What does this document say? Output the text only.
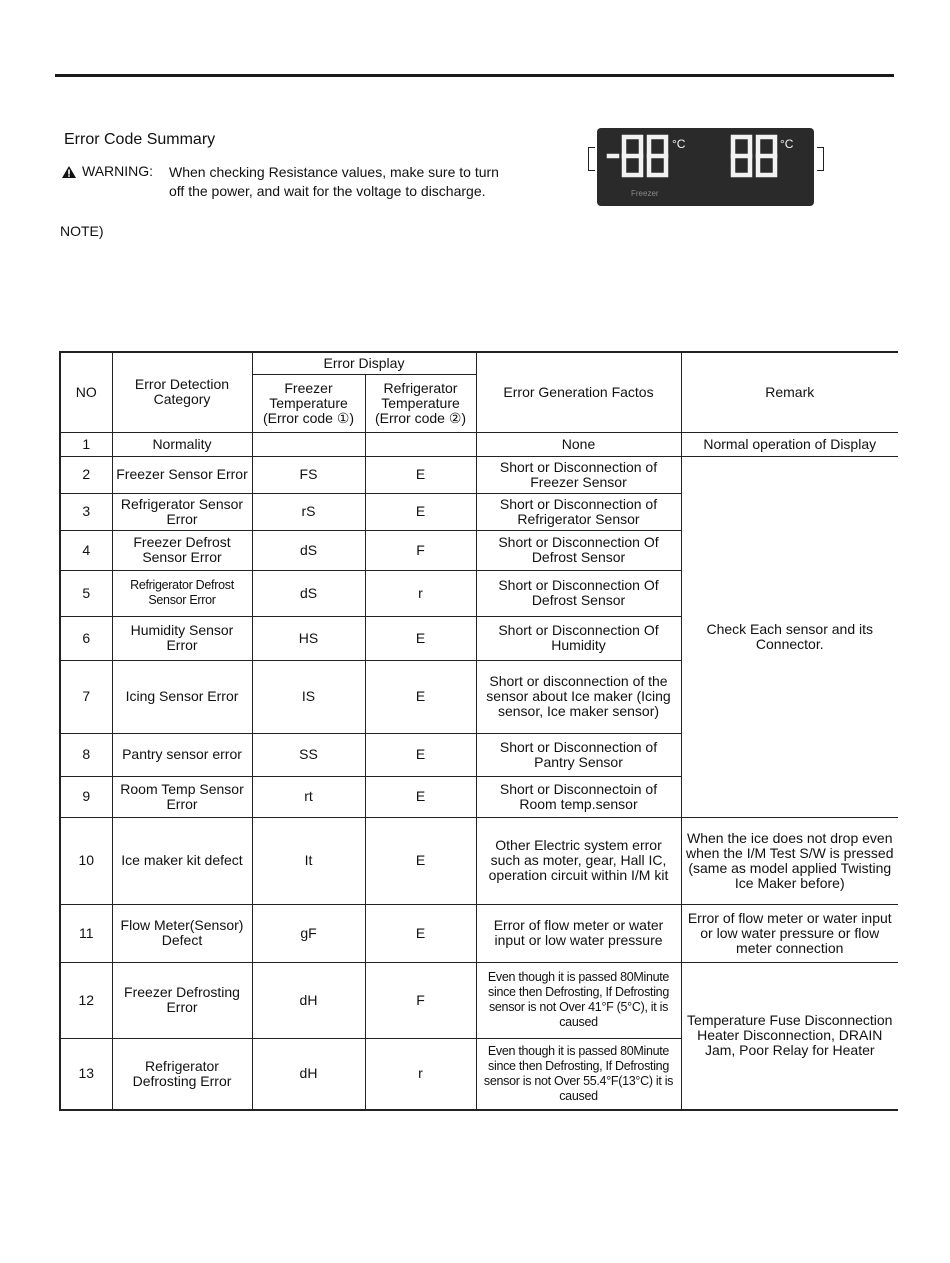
Error Code Summary
WARNING: When checking Resistance values, make sure to turn off the power, and wait for the voltage to discharge.
NOTE)
°C	°C
Freezer
NO	Error Detection Category	Error Display		Error Generation Factos	Remark
		Freezer Temperature (Error code ①)	Refrigerator Temperature (Error code ②)		
1	Normality			None	Normal operation of Display
2	Freezer Sensor Error	FS	E	Short or Disconnection of Freezer Sensor	Check Each sensor and its Connector.
3	Refrigerator Sensor Error	rS	E	Short or Disconnection of Refrigerator Sensor	
4	Freezer Defrost Sensor Error	dS	F	Short or Disconnection Of Defrost Sensor	
5	Refrigerator Defrost Sensor Error	dS	r	Short or Disconnection Of Defrost Sensor	
6	Humidity Sensor Error	HS	E	Short or Disconnection Of Humidity	
7	Icing Sensor Error	IS	E	Short or disconnection of the sensor about Ice maker (Icing sensor, Ice maker sensor)	
8	Pantry sensor error	SS	E	Short or Disconnection of Pantry Sensor	
9	Room Temp Sensor Error	rt	E	Short or Disconnectoin of Room temp.sensor	
10	Ice maker kit defect	It	E	Other Electric system error such as moter, gear, Hall IC, operation circuit within I/M kit	When the ice does not drop even when the I/M Test S/W is pressed (same as model applied Twisting Ice Maker before)
11	Flow Meter(Sensor) Defect	gF	E	Error of flow meter or water input or low water pressure	Error of flow meter or water input or low water pressure or flow meter connection
12	Freezer Defrosting Error	dH	F	Even though it is passed 80Minute since then Defrosting, If Defrosting sensor is not Over 41°F (5°C), it is caused	Temperature Fuse Disconnection Heater Disconnection, DRAIN Jam, Poor Relay for Heater
13	Refrigerator Defrosting Error	dH	r	Even though it is passed 80Minute since then Defrosting, If Defrosting sensor is not Over 55.4°F(13°C) it is caused	
